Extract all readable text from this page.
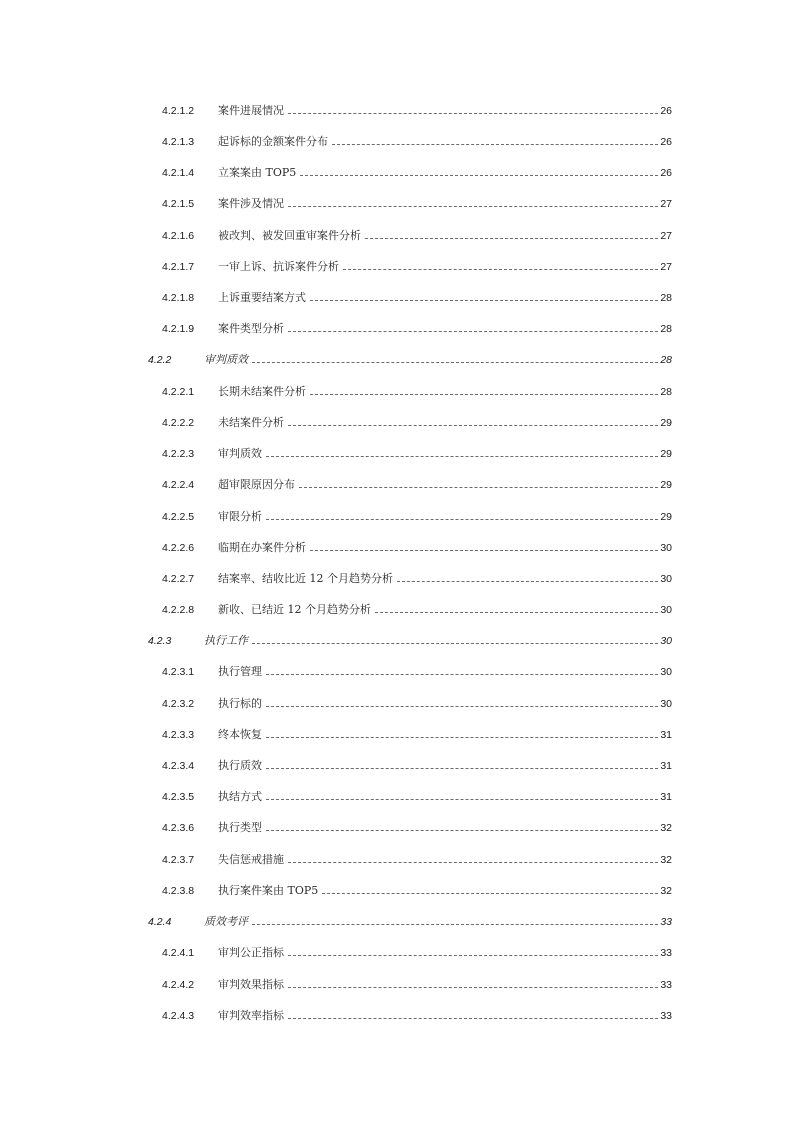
4.2.1.2	案件进展情况	26
4.2.1.3	起诉标的金额案件分布	26
4.2.1.4	立案案由 TOP5	26
4.2.1.5	案件涉及情况	27
4.2.1.6	被改判、被发回重审案件分析	27
4.2.1.7	一审上诉、抗诉案件分析	27
4.2.1.8	上诉重要结案方式	28
4.2.1.9	案件类型分析	28
4.2.2	审判质效	28
4.2.2.1	长期未结案件分析	28
4.2.2.2	未结案件分析	29
4.2.2.3	审判质效	29
4.2.2.4	超审限原因分布	29
4.2.2.5	审限分析	29
4.2.2.6	临期在办案件分析	30
4.2.2.7	结案率、结收比近 12 个月趋势分析	30
4.2.2.8	新收、已结近 12 个月趋势分析	30
4.2.3	执行工作	30
4.2.3.1	执行管理	30
4.2.3.2	执行标的	30
4.2.3.3	终本恢复	31
4.2.3.4	执行质效	31
4.2.3.5	执结方式	31
4.2.3.6	执行类型	32
4.2.3.7	失信惩戒措施	32
4.2.3.8	执行案件案由 TOP5	32
4.2.4	质效考评	33
4.2.4.1	审判公正指标	33
4.2.4.2	审判效果指标	33
4.2.4.3	审判效率指标	33
